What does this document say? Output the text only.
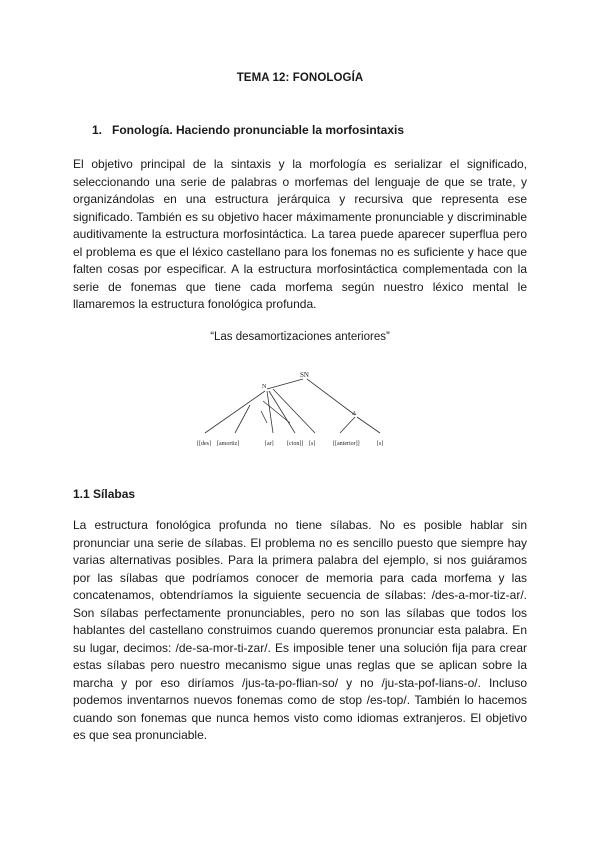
TEMA 12: FONOLOGÍA
1. Fonología. Haciendo pronunciable la morfosintaxis

El objetivo principal de la sintaxis y la morfología es serializar el significado, seleccionando una serie de palabras o morfemas del lenguaje de que se trate, y organizándolas en una estructura jerárquica y recursiva que representa ese significado. También es su objetivo hacer máximamente pronunciable y discriminable auditivamente la estructura morfosintáctica. La tarea puede aparecer superflua pero el problema es que el léxico castellano para los fonemas no es suficiente y hace que falten cosas por especificar. A la estructura morfosintáctica complementada con la serie de fonemas que tiene cada morfema según nuestro léxico mental le llamaremos la estructura fonológica profunda.

“Las desamortizaciones anteriores”
SN
N
A
[[des] [amortiz]	[ar] [cion]] [s]	[[anterior]]	[s]
1.1 Sílabas

La estructura fonológica profunda no tiene sílabas. No es posible hablar sin pronunciar una serie de sílabas. El problema no es sencillo puesto que siempre hay varias alternativas posibles. Para la primera palabra del ejemplo, si nos guiáramos por las sílabas que podríamos conocer de memoria para cada morfema y las concatenamos, obtendríamos la siguiente secuencia de sílabas: /des-a-mor-tiz-ar/. Son sílabas perfectamente pronunciables, pero no son las sílabas que todos los hablantes del castellano construimos cuando queremos pronunciar esta palabra. En su lugar, decimos: /de-sa-mor-ti-zar/. Es imposible tener una solución fija para crear estas sílabas pero nuestro mecanismo sigue unas reglas que se aplican sobre la marcha y por eso diríamos /jus-ta-po-flian-so/ y no /ju-sta-pof-lians-o/. Incluso podemos inventarnos nuevos fonemas como de stop /es-top/. También lo hacemos cuando son fonemas que nunca hemos visto como idiomas extranjeros. El objetivo es que sea pronunciable.
